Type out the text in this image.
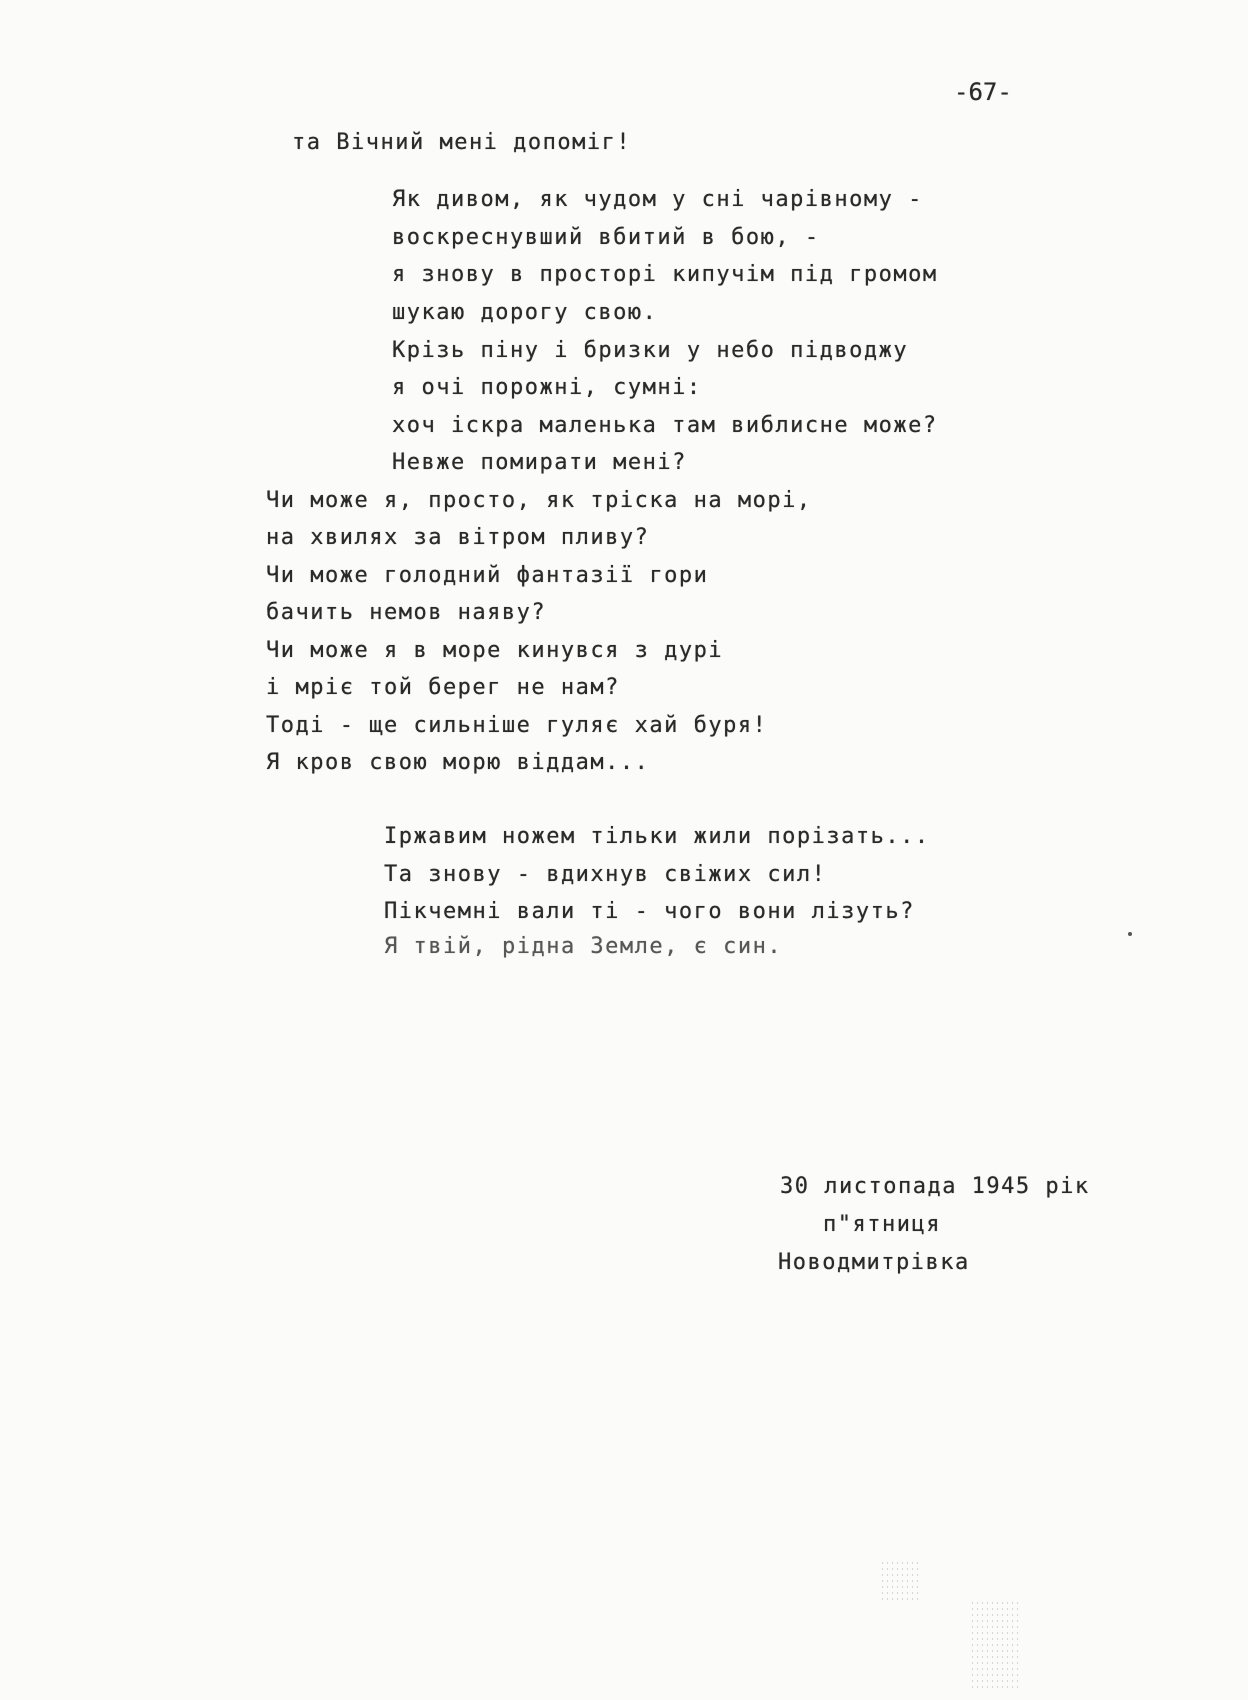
-67-
та Вічний мені допоміг!
Як дивом, як чудом у сні чарівному -
воскреснувший вбитий в бою, -
я знову в просторі кипучім під громом
шукаю дорогу свою.
Крізь піну і бризки у небо підводжу
я очі порожні, сумні:
хоч іскра маленька там виблисне може?
Невже помирати мені?
Чи може я, просто, як тріска на морі,
на хвилях за вітром пливу?
Чи може голодний фантазії гори
бачить немов наяву?
Чи може я в море кинувся з дурі
і мріє той берег не нам?
Тоді - ще сильніше гуляє хай буря!
Я кров свою морю віддам...
Іржавим ножем тільки жили порізать...
Та знову - вдихнув свіжих сил!
Пікчемні вали ті - чого вони лізуть?
Я твій, рідна Земле, є син.
30 листопада 1945 рік
п"ятниця
Новодмитрівка
